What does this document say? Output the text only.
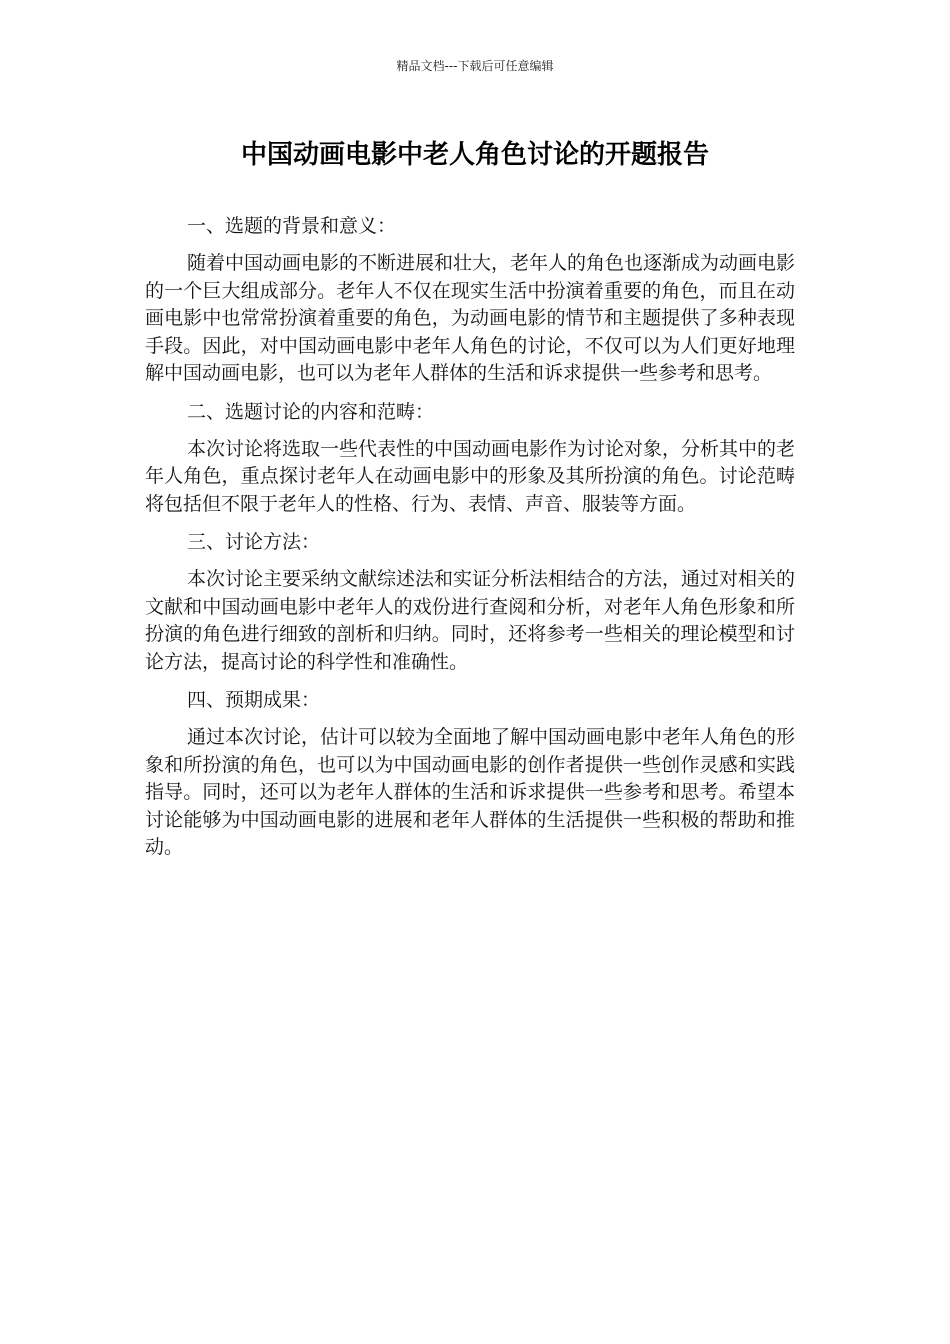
精品文档---下载后可任意编辑
中国动画电影中老人角色讨论的开题报告
一、选题的背景和意义：

随着中国动画电影的不断进展和壮大，老年人的角色也逐渐成为动画电影的一个巨大组成部分。老年人不仅在现实生活中扮演着重要的角色，而且在动画电影中也常常扮演着重要的角色，为动画电影的情节和主题提供了多种表现手段。因此，对中国动画电影中老年人角色的讨论，不仅可以为人们更好地理解中国动画电影，也可以为老年人群体的生活和诉求提供一些参考和思考。

二、选题讨论的内容和范畴：

本次讨论将选取一些代表性的中国动画电影作为讨论对象，分析其中的老年人角色，重点探讨老年人在动画电影中的形象及其所扮演的角色。讨论范畴将包括但不限于老年人的性格、行为、表情、声音、服装等方面。

三、讨论方法：

本次讨论主要采纳文献综述法和实证分析法相结合的方法，通过对相关的文献和中国动画电影中老年人的戏份进行查阅和分析，对老年人角色形象和所扮演的角色进行细致的剖析和归纳。同时，还将参考一些相关的理论模型和讨论方法，提高讨论的科学性和准确性。

四、预期成果：

通过本次讨论，估计可以较为全面地了解中国动画电影中老年人角色的形象和所扮演的角色，也可以为中国动画电影的创作者提供一些创作灵感和实践指导。同时，还可以为老年人群体的生活和诉求提供一些参考和思考。希望本讨论能够为中国动画电影的进展和老年人群体的生活提供一些积极的帮助和推动。
